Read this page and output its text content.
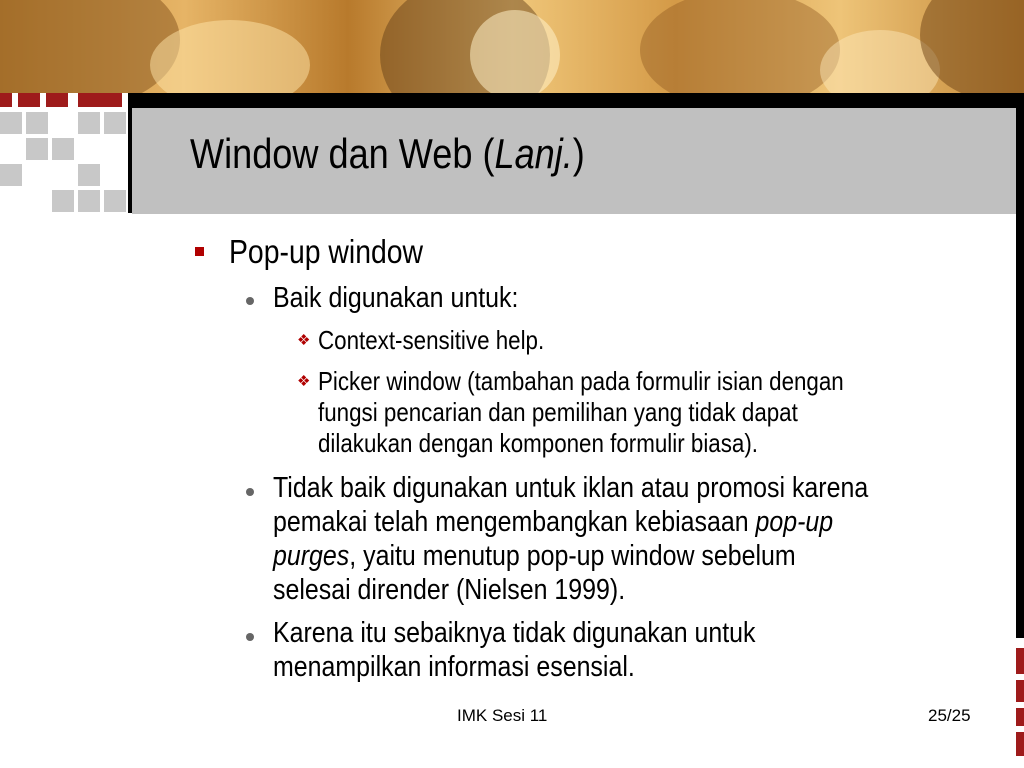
Window dan Web (Lanj.)
Pop-up window
Baik digunakan untuk:
❖ Context-sensitive help.
❖ Picker window (tambahan pada formulir isian dengan
fungsi pencarian dan pemilihan yang tidak dapat
dilakukan dengan komponen formulir biasa).
Tidak baik digunakan untuk iklan atau promosi karena
pemakai telah mengembangkan kebiasaan pop-up
purges, yaitu menutup pop-up window sebelum
selesai dirender (Nielsen 1999).
Karena itu sebaiknya tidak digunakan untuk
menampilkan informasi esensial.
IMK Sesi 11	25/25
